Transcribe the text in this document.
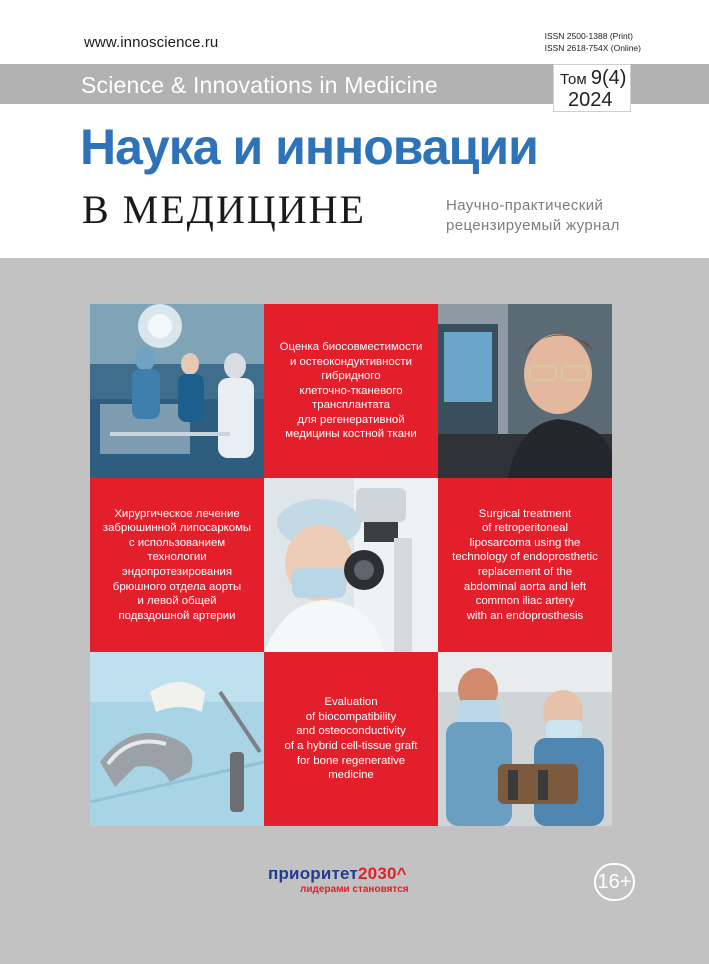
www.innoscience.ru	ISSN 2500-1388 (Print)
ISSN 2618-754X (Online)
Science & Innovations in Medicine	Том 9(4)
2024
Наука и инновации
В МЕДИЦИНЕ	Научно-практический
рецензируемый журнал
Оценка биосовместимости
и остеокондуктивности
гибридного
клеточно-тканевого
трансплантата
для регенеративной
медицины костной ткани
Хирургическое лечение
забрюшинной липосаркомы
с использованием
технологии
эндопротезирования
брюшного отдела аорты
и левой общей
подвздошной артерии
Surgical treatment
of retroperitoneal
liposarcoma using the
technology of endoprosthetic
replacement of the
abdominal aorta and left
common iliac artery
with an endoprosthesis
Evaluation
of biocompatibility
and osteoconductivity
of a hybrid cell-tissue graft
for bone regenerative
medicine
приоритет2030^
лидерами становятся	16+
